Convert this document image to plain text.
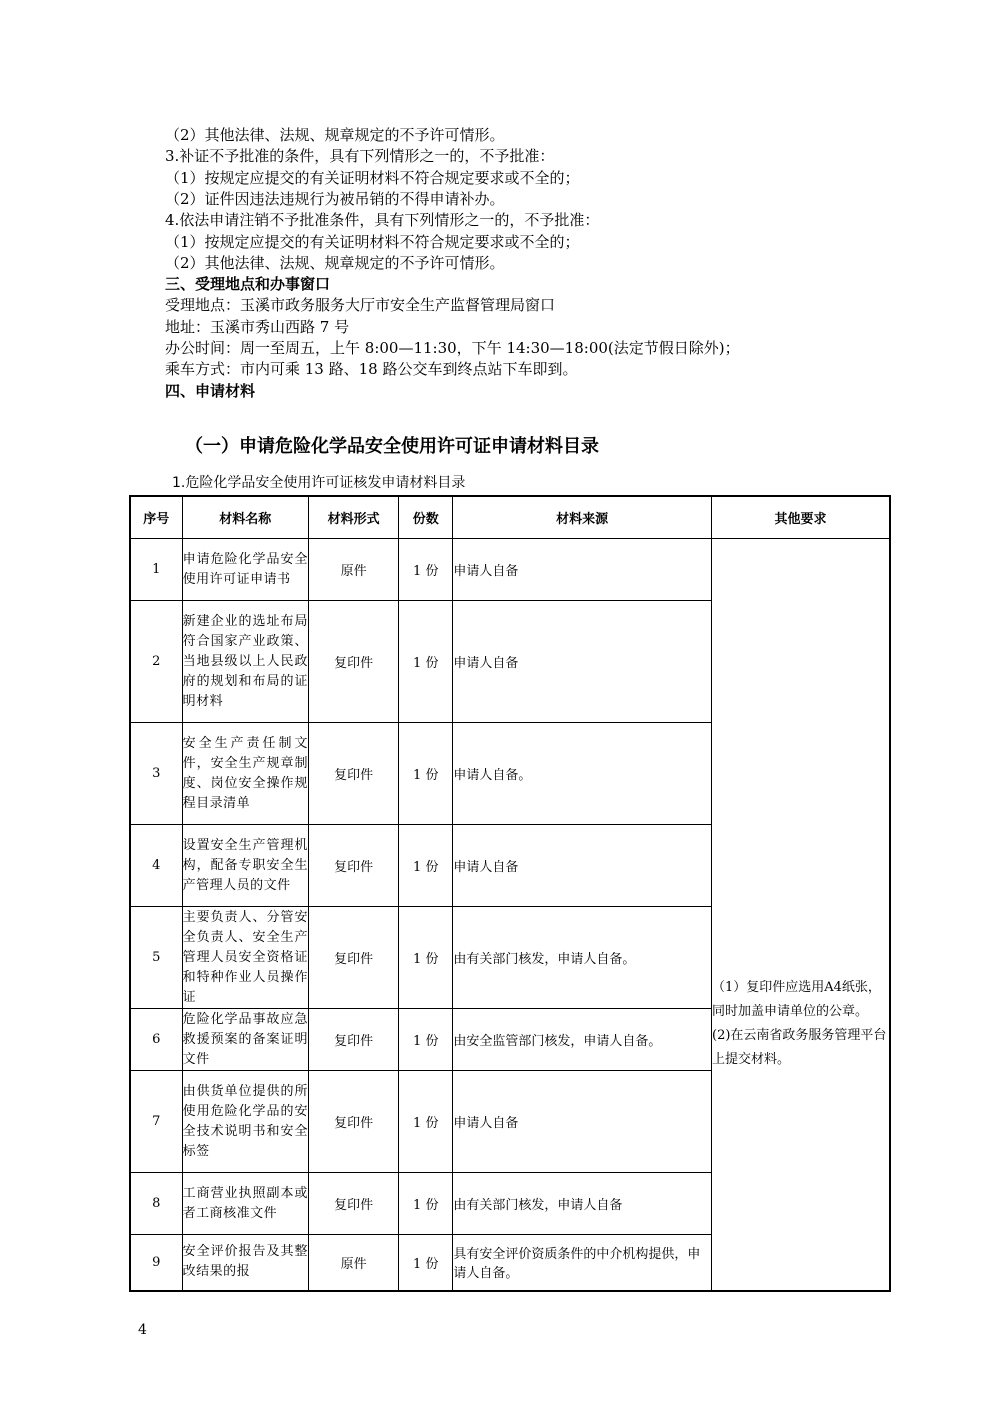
（2）其他法律、法规、规章规定的不予许可情形。
3.补证不予批准的条件，具有下列情形之一的，不予批准：
（1）按规定应提交的有关证明材料不符合规定要求或不全的；
（2）证件因违法违规行为被吊销的不得申请补办。
4.依法申请注销不予批准条件，具有下列情形之一的，不予批准：
（1）按规定应提交的有关证明材料不符合规定要求或不全的；
（2）其他法律、法规、规章规定的不予许可情形。
三、受理地点和办事窗口
受理地点：玉溪市政务服务大厅市安全生产监督管理局窗口
地址：玉溪市秀山西路 7 号
办公时间：周一至周五，上午 8:00—11:30，下午 14:30—18:00(法定节假日除外)；
乘车方式：市内可乘 13 路、18 路公交车到终点站下车即到。
四、申请材料
（一）申请危险化学品安全使用许可证申请材料目录
1.危险化学品安全使用许可证核发申请材料目录
序号	材料名称	材料形式	份数	材料来源	其他要求
1	申请危险化学品安全使用许可证申请书	原件	1 份	申请人自备	（1）复印件应选用A4纸张，同时加盖申请单位的公章。

(2)在云南省政务服务管理平台上提交材料。

2	新建企业的选址布局符合国家产业政策、当地县级以上人民政府的规划和布局的证明材料	复印件	1 份	申请人自备	
3	安全生产责任制文件，安全生产规章制度、岗位安全操作规程目录清单	复印件	1 份	申请人自备。	
4	设置安全生产管理机构，配备专职安全生产管理人员的文件	复印件	1 份	申请人自备	
5	主要负责人、分管安全负责人、安全生产管理人员安全资格证和特种作业人员操作证	复印件	1 份	由有关部门核发，申请人自备。	
6	危险化学品事故应急救援预案的备案证明文件	复印件	1 份	由安全监管部门核发，申请人自备。	
7	由供货单位提供的所使用危险化学品的安全技术说明书和安全标签	复印件	1 份	申请人自备	
8	工商营业执照副本或者工商核准文件	复印件	1 份	由有关部门核发，申请人自备	
9	安全评价报告及其整改结果的报	原件	1 份	具有安全评价资质条件的中介机构提供，申请人自备。	
4
